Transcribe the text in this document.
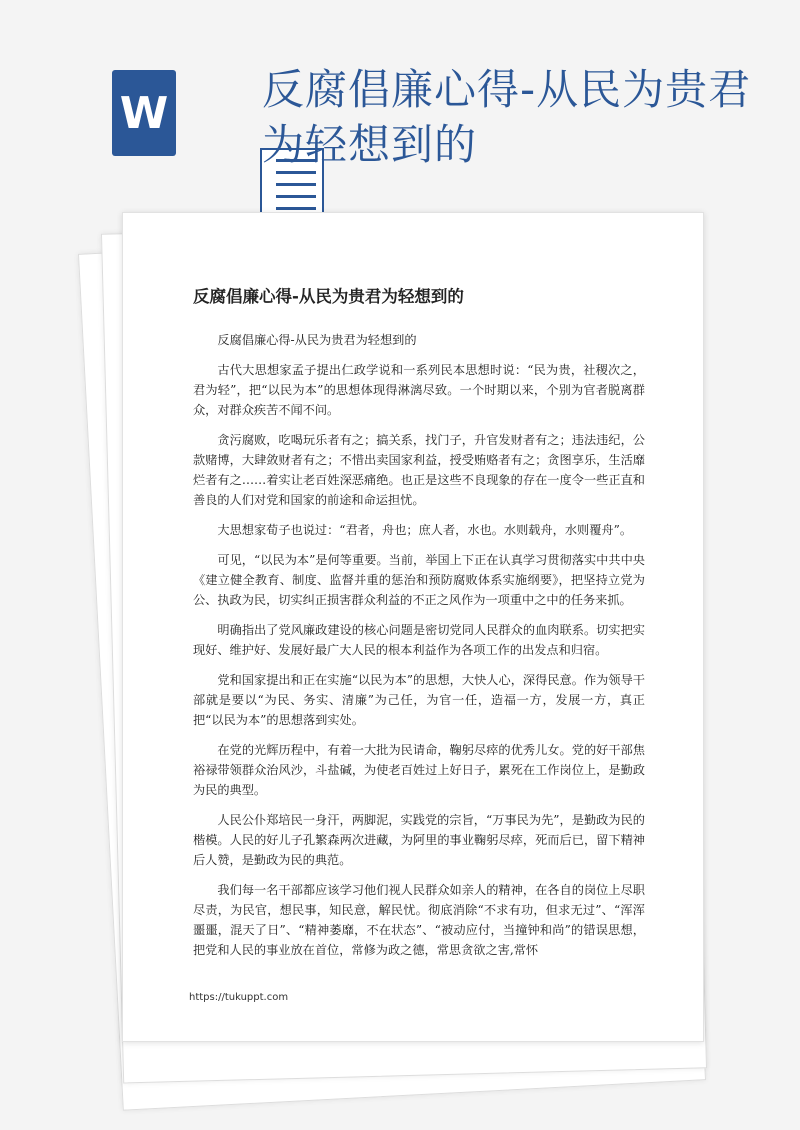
W 反腐倡廉心得-从民为贵君为轻想到的
反腐倡廉心得-从民为贵君为轻想到的

反腐倡廉心得-从民为贵君为轻想到的

古代大思想家孟子提出仁政学说和一系列民本思想时说：“民为贵，社稷次之，君为轻”，把“以民为本”的思想体现得淋漓尽致。一个时期以来，个别为官者脱离群众，对群众疾苦不闻不问。

贪污腐败，吃喝玩乐者有之；搞关系，找门子，升官发财者有之；违法违纪，公款赌博，大肆敛财者有之；不惜出卖国家利益，授受贿赂者有之；贪图享乐，生活靡烂者有之……着实让老百姓深恶痛绝。也正是这些不良现象的存在一度令一些正直和善良的人们对党和国家的前途和命运担忧。

大思想家荀子也说过：“君者，舟也；庶人者，水也。水则载舟，水则覆舟”。

可见，“以民为本”是何等重要。当前，举国上下正在认真学习贯彻落实中共中央《建立健全教育、制度、监督并重的惩治和预防腐败体系实施纲要》，把坚持立党为公、执政为民，切实纠正损害群众利益的不正之风作为一项重中之中的任务来抓。

明确指出了党风廉政建设的核心问题是密切党同人民群众的血肉联系。切实把实现好、维护好、发展好最广大人民的根本利益作为各项工作的出发点和归宿。

党和国家提出和正在实施“以民为本”的思想，大快人心，深得民意。作为领导干部就是要以“为民、务实、清廉”为己任，为官一任，造福一方，发展一方，真正把“以民为本”的思想落到实处。

在党的光辉历程中，有着一大批为民请命，鞠躬尽瘁的优秀儿女。党的好干部焦裕禄带领群众治风沙，斗盐碱，为使老百姓过上好日子，累死在工作岗位上，是勤政为民的典型。

人民公仆郑培民一身汗，两脚泥，实践党的宗旨，“万事民为先”，是勤政为民的楷模。人民的好儿子孔繁森两次进藏，为阿里的事业鞠躬尽瘁，死而后已，留下精神后人赞，是勤政为民的典范。

我们每一名干部都应该学习他们视人民群众如亲人的精神，在各自的岗位上尽职尽责，为民官，想民事，知民意，解民忧。彻底消除“不求有功，但求无过”、“浑浑噩噩，混天了日”、“精神萎靡，不在状态”、“被动应付，当撞钟和尚”的错误思想，把党和人民的事业放在首位，常修为政之德，常思贪欲之害,常怀

https://tukuppt.com
